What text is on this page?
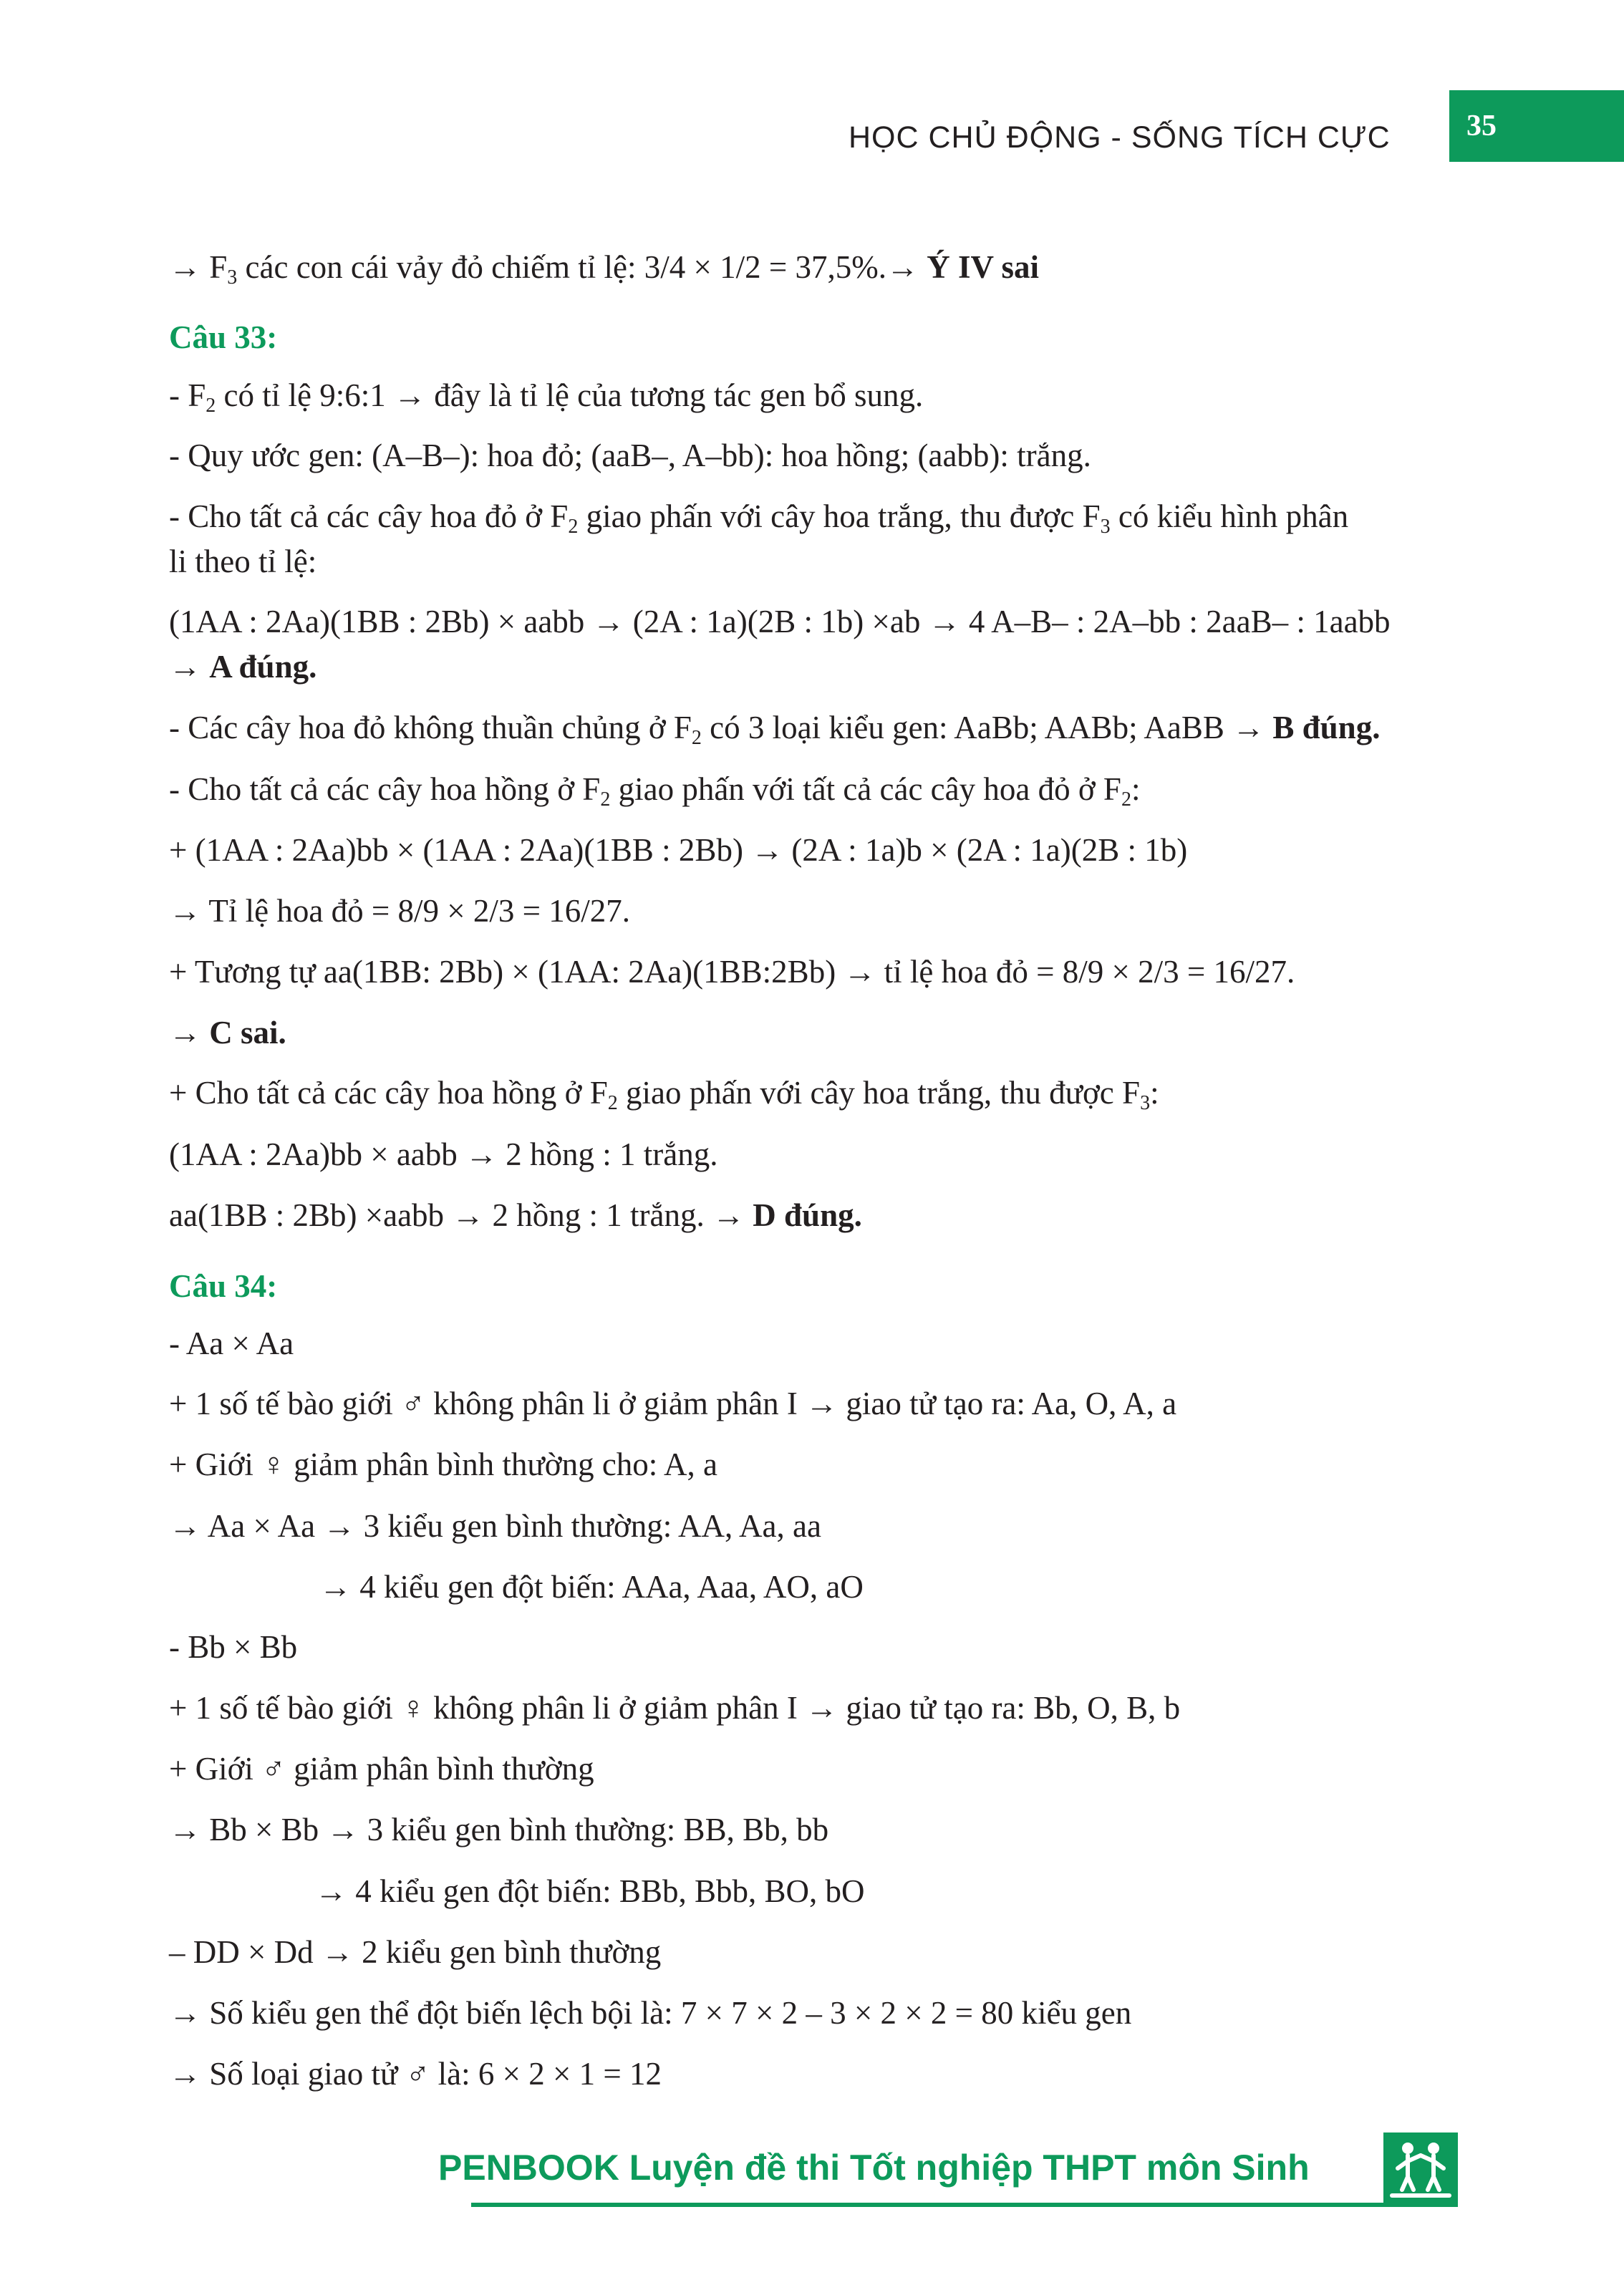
HỌC CHỦ ĐỘNG - SỐNG TÍCH CỰC	35
→ $F_3$ các con cái vảy đỏ chiếm tỉ lệ: 3/4 × 1/2 = 37,5%.→ Ý IV sai
Câu 33:
- $F_2$ có tỉ lệ 9:6:1 → đây là tỉ lệ của tương tác gen bổ sung.
- Quy ước gen: (A–B–): hoa đỏ; (aaB–, A–bb): hoa hồng; (aabb): trắng.
- Cho tất cả các cây hoa đỏ ở $F_2$ giao phấn với cây hoa trắng, thu được $F_3$ có kiểu hình phân
li theo tỉ lệ:
(1AA : 2Aa)(1BB : 2Bb) × aabb → (2A : 1a)(2B : 1b) ×ab → 4 A–B– : 2A–bb : 2aaB– : 1aabb
→ A đúng.
- Các cây hoa đỏ không thuần chủng ở $F_2$ có 3 loại kiểu gen: AaBb; AABb; AaBB → B đúng.
- Cho tất cả các cây hoa hồng ở $F_2$ giao phấn với tất cả các cây hoa đỏ ở $F_2$:
+ (1AA : 2Aa)bb × (1AA : 2Aa)(1BB : 2Bb) → (2A : 1a)b × (2A : 1a)(2B : 1b)
→ Tỉ lệ hoa đỏ = 8/9 × 2/3 = 16/27.
+ Tương tự aa(1BB: 2Bb) × (1AA: 2Aa)(1BB:2Bb) → tỉ lệ hoa đỏ = 8/9 × 2/3 = 16/27.
→ C sai.
+ Cho tất cả các cây hoa hồng ở $F_2$ giao phấn với cây hoa trắng, thu được $F_3$:
(1AA : 2Aa)bb × aabb → 2 hồng : 1 trắng.
aa(1BB : 2Bb) ×aabb → 2 hồng : 1 trắng. → D đúng.
Câu 34:
- Aa × Aa
+ 1 số tế bào giới ♂ không phân li ở giảm phân I → giao tử tạo ra: Aa, O, A, a
+ Giới ♀ giảm phân bình thường cho: A, a
→ Aa × Aa → 3 kiểu gen bình thường: AA, Aa, aa
→ 4 kiểu gen đột biến: AAa, Aaa, AO, aO
- Bb × Bb
+ 1 số tế bào giới ♀ không phân li ở giảm phân I → giao tử tạo ra: Bb, O, B, b
+ Giới ♂ giảm phân bình thường
→ Bb × Bb → 3 kiểu gen bình thường: BB, Bb, bb
→ 4 kiểu gen đột biến: BBb, Bbb, BO, bO
– DD × Dd → 2 kiểu gen bình thường
→ Số kiểu gen thể đột biến lệch bội là: 7 × 7 × 2 – 3 × 2 × 2 = 80 kiểu gen
→ Số loại giao tử ♂ là: 6 × 2 × 1 = 12
PENBOOK Luyện đề thi Tốt nghiệp THPT môn Sinh
